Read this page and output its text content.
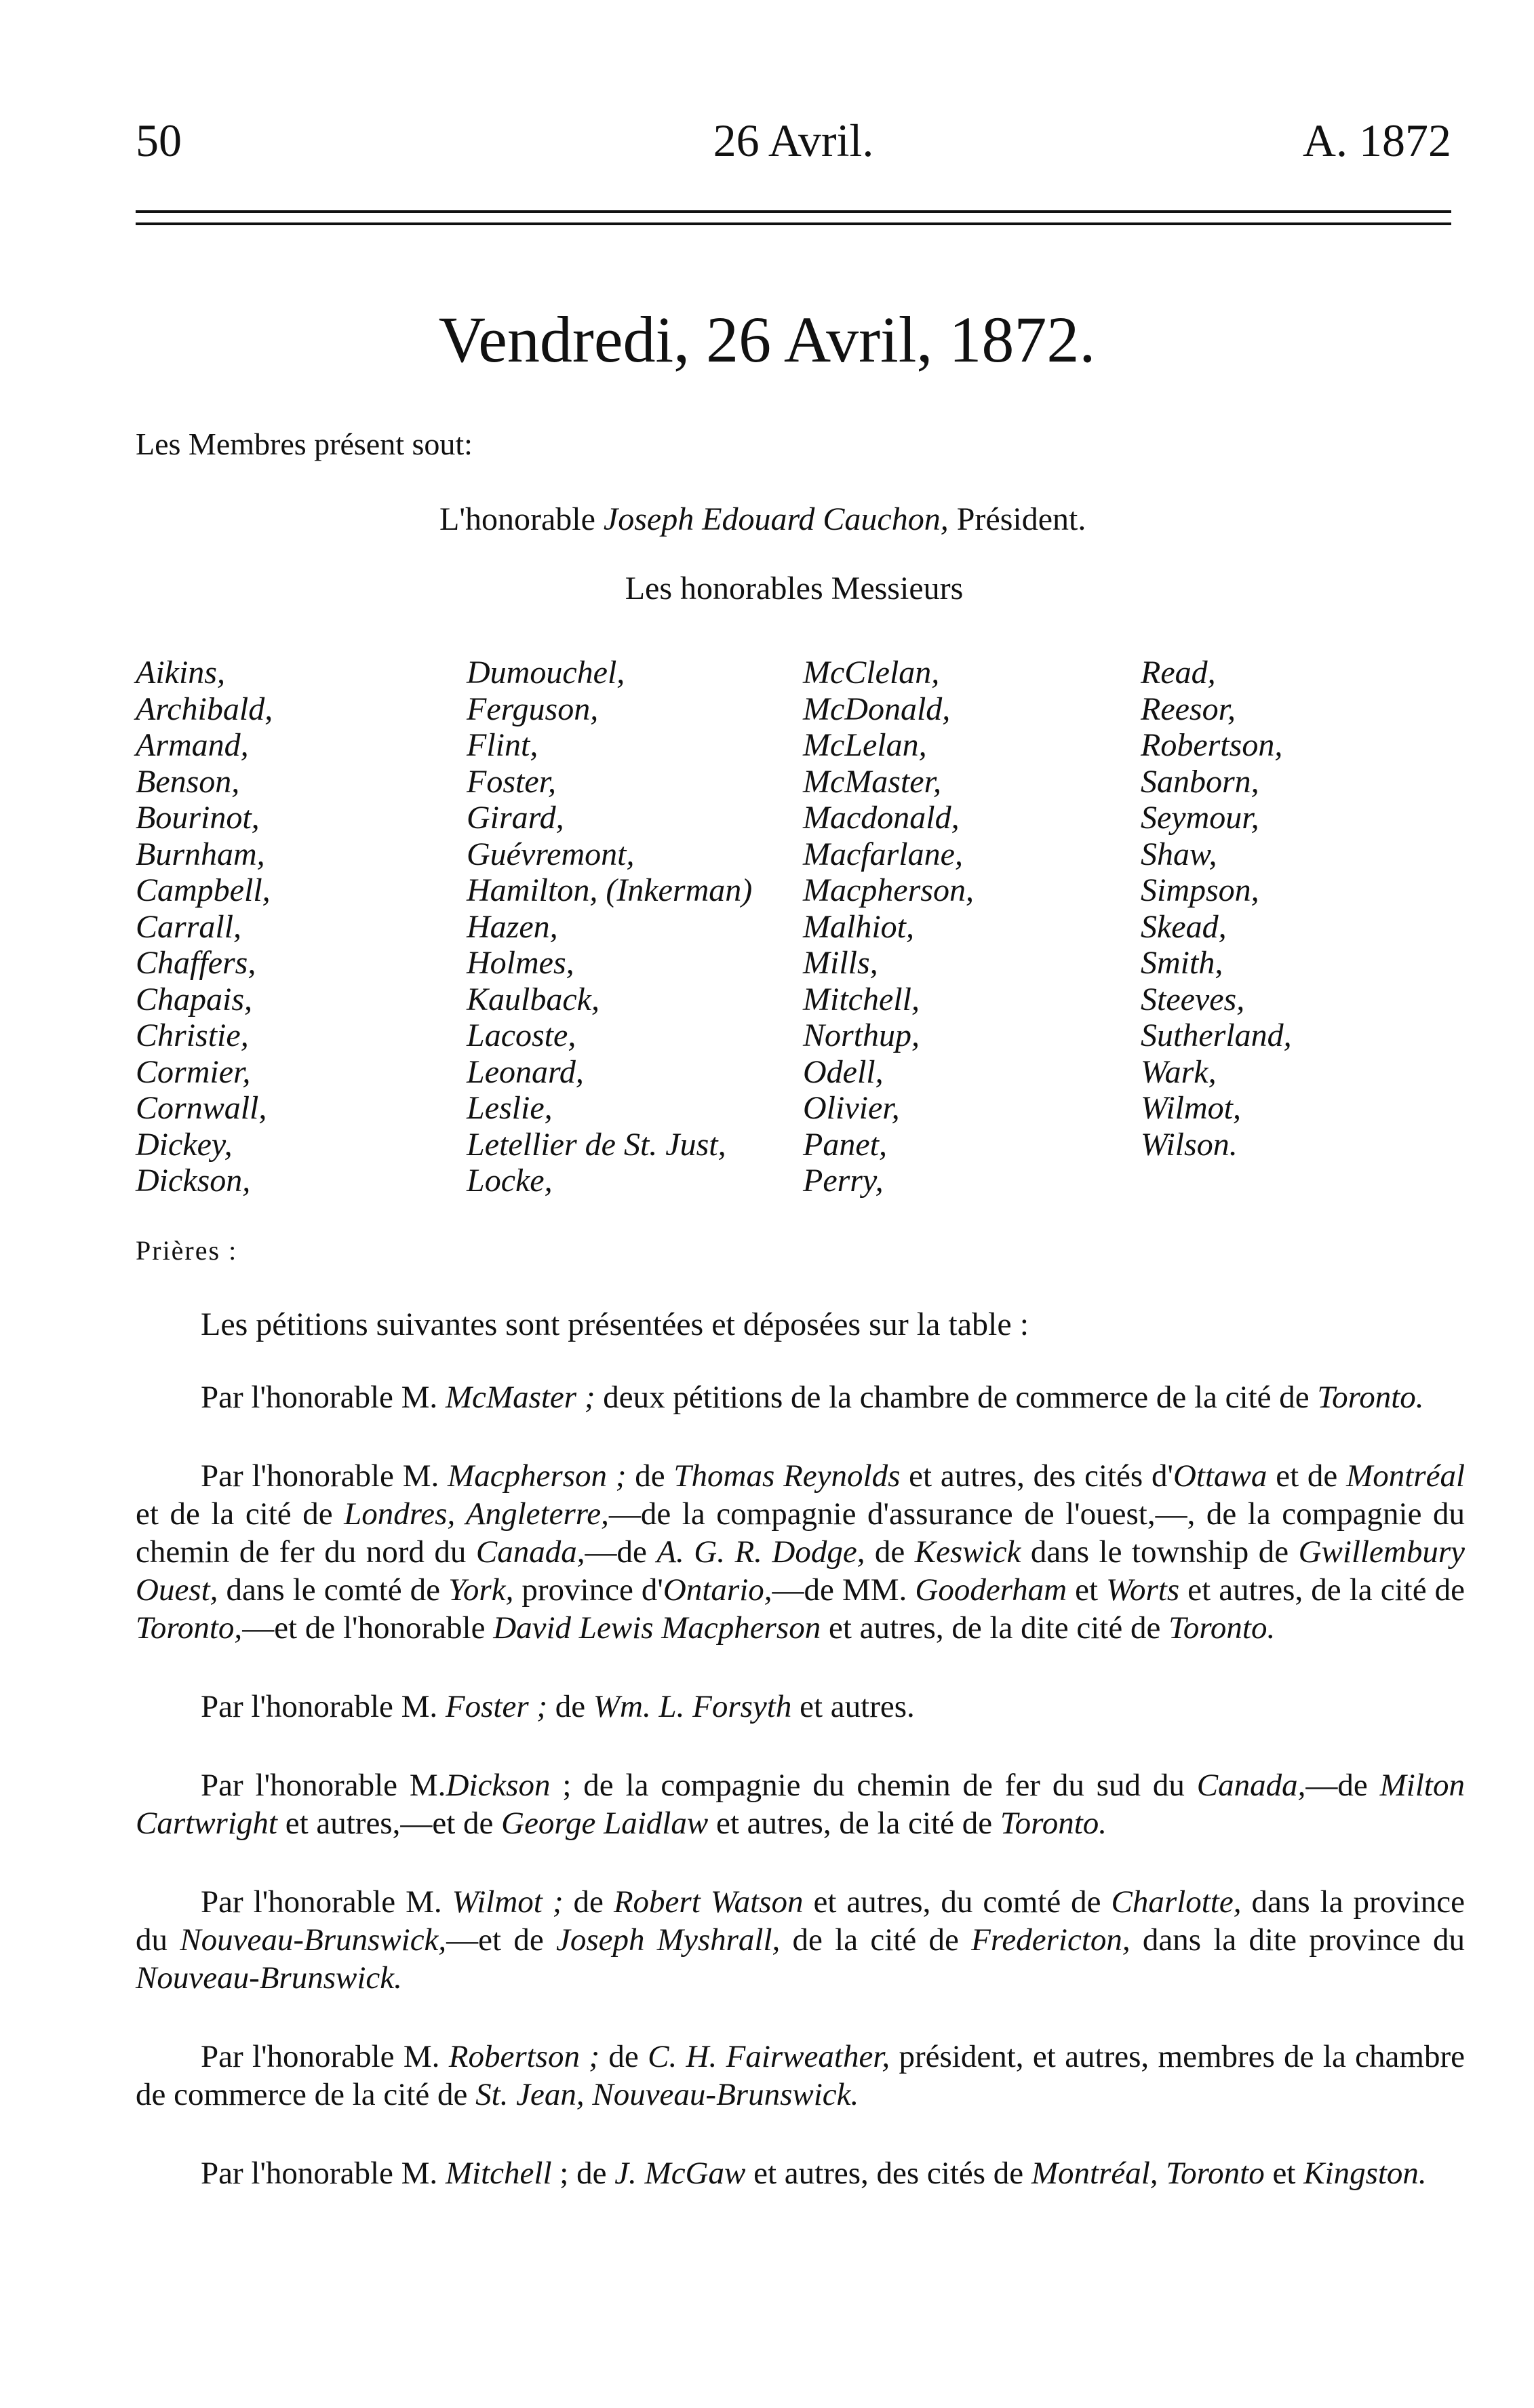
50	26 Avril.	A. 1872
Vendredi, 26 Avril, 1872.
Les Membres présent sout:
L'honorable Joseph Edouard Cauchon, Président.
Les honorables Messieurs
Aikins,
Archibald,
Armand,
Benson,
Bourinot,
Burnham,
Campbell,
Carrall,
Chaffers,
Chapais,
Christie,
Cormier,
Cornwall,
Dickey,
Dickson,
Dumouchel,
Ferguson,
Flint,
Foster,
Girard,
Guévremont,
Hamilton, (Inkerman)
Hazen,
Holmes,
Kaulback,
Lacoste,
Leonard,
Leslie,
Letellier de St. Just,
Locke,
McClelan,
McDonald,
McLelan,
McMaster,
Macdonald,
Macfarlane,
Macpherson,
Malhiot,
Mills,
Mitchell,
Northup,
Odell,
Olivier,
Panet,
Perry,
Read,
Reesor,
Robertson,
Sanborn,
Seymour,
Shaw,
Simpson,
Skead,
Smith,
Steeves,
Sutherland,
Wark,
Wilmot,
Wilson.
Prières :
Les pétitions suivantes sont présentées et déposées sur la table :

Par l'honorable M. McMaster ; deux pétitions de la chambre de commerce de la cité de Toronto.

Par l'honorable M. Macpherson ; de Thomas Reynolds et autres, des cités d'Ottawa et de Montréal et de la cité de Londres, Angleterre,—de la compagnie d'assurance de l'ouest,—, de la compagnie du chemin de fer du nord du Canada,—de A. G. R. Dodge, de Keswick dans le township de Gwillembury Ouest, dans le comté de York, province d'Ontario,—de MM. Gooderham et Worts et autres, de la cité de Toronto,—et de l'honorable David Lewis Macpherson et autres, de la dite cité de Toronto.

Par l'honorable M. Foster ; de Wm. L. Forsyth et autres.

Par l'honorable M.Dickson ; de la compagnie du chemin de fer du sud du Canada,—de Milton Cartwright et autres,—et de George Laidlaw et autres, de la cité de Toronto.

Par l'honorable M. Wilmot ; de Robert Watson et autres, du comté de Charlotte, dans la province du Nouveau-Brunswick,—et de Joseph Myshrall, de la cité de Fredericton, dans la dite province du Nouveau-Brunswick.

Par l'honorable M. Robertson ; de C. H. Fairweather, président, et autres, membres de la chambre de commerce de la cité de St. Jean, Nouveau-Brunswick.

Par l'honorable M. Mitchell ; de J. McGaw et autres, des cités de Montréal, Toronto et Kingston.
